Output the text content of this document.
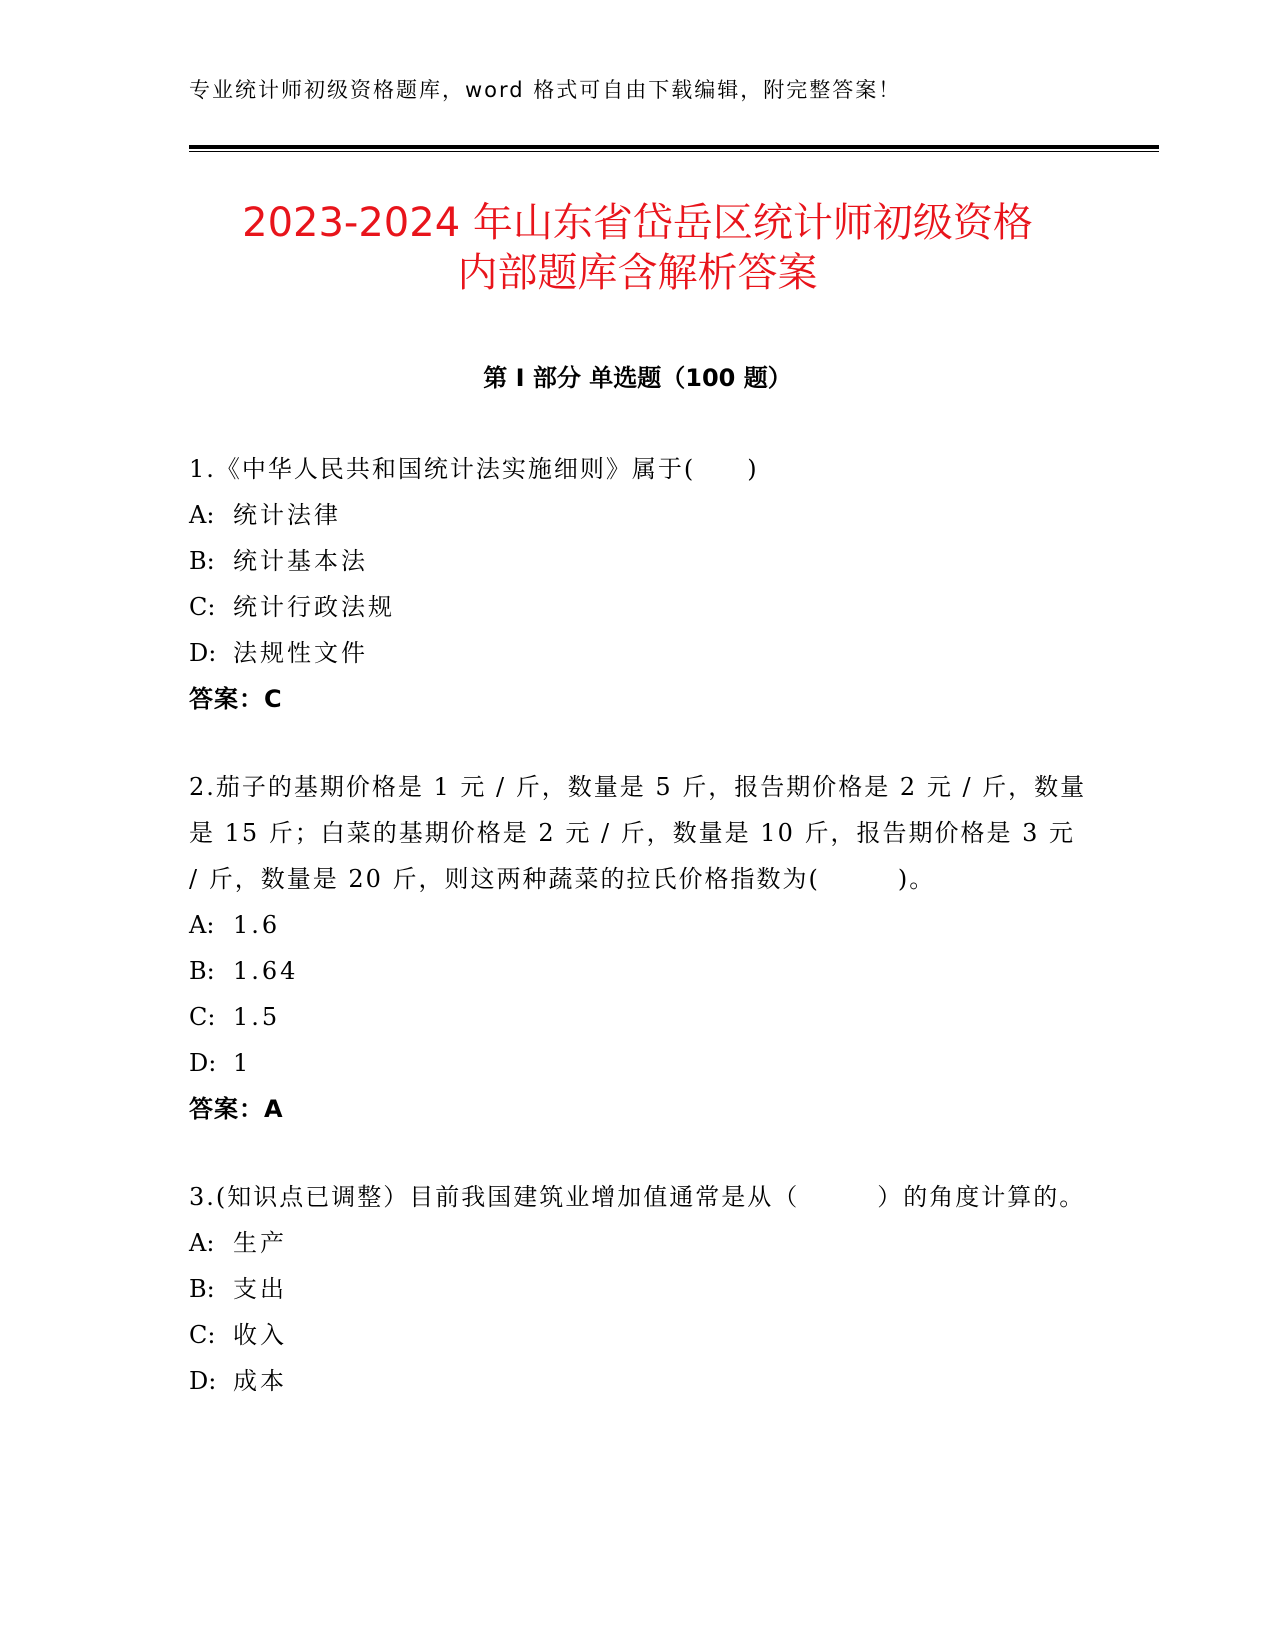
专业统计师初级资格题库，word 格式可自由下载编辑，附完整答案！
2023-2024 年山东省岱岳区统计师初级资格
内部题库含解析答案
第 I 部分 单选题（100 题）
1.《中华人民共和国统计法实施细则》属于(　　)
A: 统计法律
B: 统计基本法
C: 统计行政法规
D: 法规性文件
答案：C
2.茄子的基期价格是 1 元 / 斤，数量是 5 斤，报告期价格是 2 元 / 斤，数量是 15 斤；白菜的基期价格是 2 元 / 斤，数量是 10 斤，报告期价格是 3 元 / 斤，数量是 20 斤，则这两种蔬菜的拉氏价格指数为(　　　)。
A: 1.6
B: 1.64
C: 1.5
D: 1
答案：A
3.(知识点已调整）目前我国建筑业增加值通常是从（　　　）的角度计算的。
A: 生产
B: 支出
C: 收入
D: 成本
